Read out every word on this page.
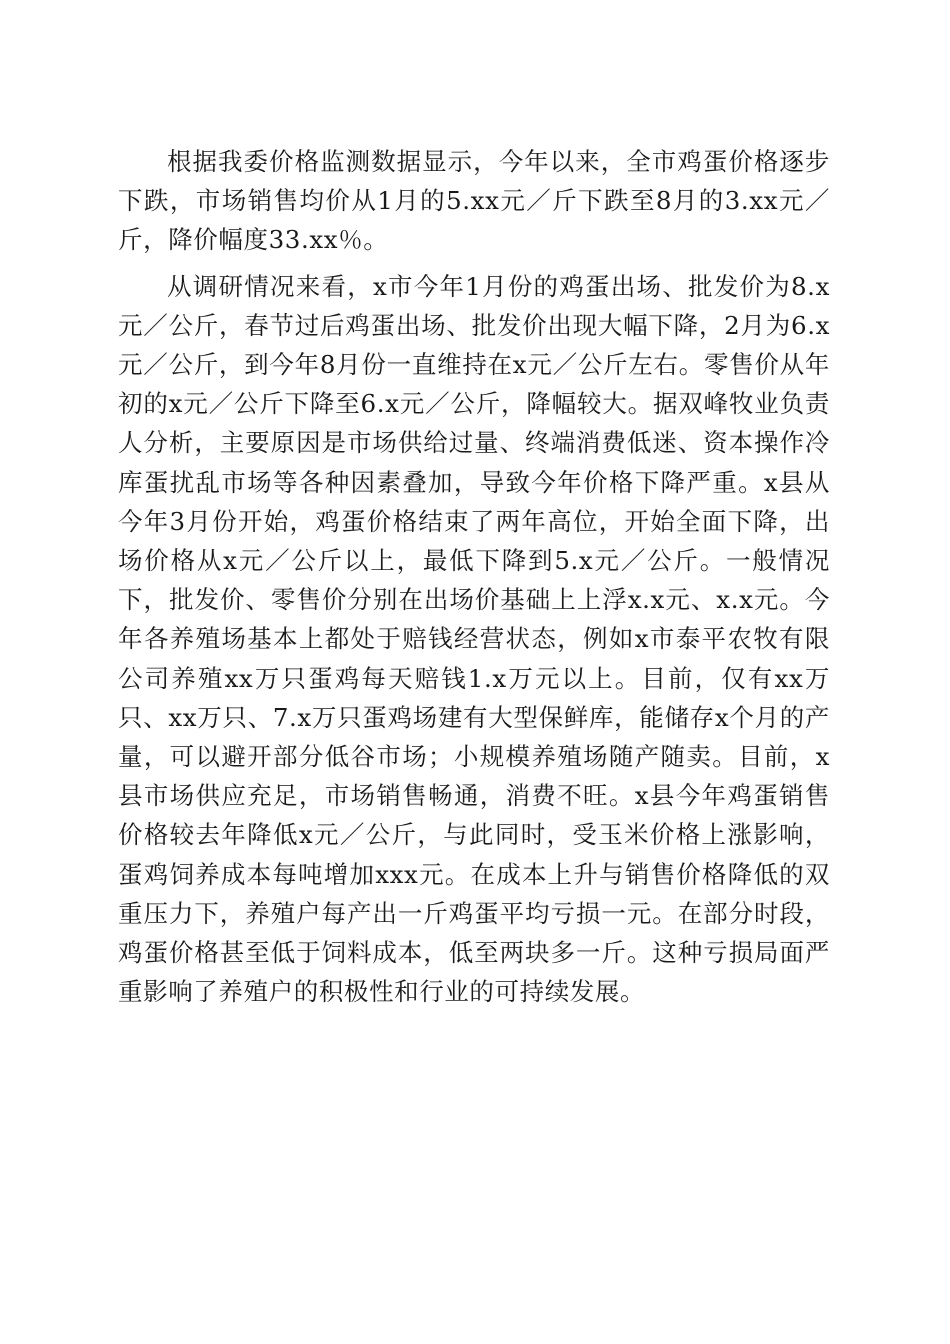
根据我委价格监测数据显示，今年以来，全市鸡蛋价格逐步下跌，市场销售均价从1月的5.xx元／斤下跌至8月的3.xx元／斤，降价幅度33.xx％。

从调研情况来看，x市今年1月份的鸡蛋出场、批发价为8.x元／公斤，春节过后鸡蛋出场、批发价出现大幅下降，2月为6.x元／公斤，到今年8月份一直维持在x元／公斤左右。零售价从年初的x元／公斤下降至6.x元／公斤，降幅较大。据双峰牧业负责人分析，主要原因是市场供给过量、终端消费低迷、资本操作冷库蛋扰乱市场等各种因素叠加，导致今年价格下降严重。x县从今年3月份开始，鸡蛋价格结束了两年高位，开始全面下降，出场价格从x元／公斤以上，最低下降到5.x元／公斤。一般情况下，批发价、零售价分别在出场价基础上上浮x.x元、x.x元。今年各养殖场基本上都处于赔钱经营状态，例如x市泰平农牧有限公司养殖xx万只蛋鸡每天赔钱1.x万元以上。目前，仅有xx万只、xx万只、7.x万只蛋鸡场建有大型保鲜库，能储存x个月的产量，可以避开部分低谷市场；小规模养殖场随产随卖。目前，x县市场供应充足，市场销售畅通，消费不旺。x县今年鸡蛋销售价格较去年降低x元／公斤，与此同时，受玉米价格上涨影响，蛋鸡饲养成本每吨增加xxx元。在成本上升与销售价格降低的双重压力下，养殖户每产出一斤鸡蛋平均亏损一元。在部分时段，鸡蛋价格甚至低于饲料成本，低至两块多一斤。这种亏损局面严重影响了养殖户的积极性和行业的可持续发展。
